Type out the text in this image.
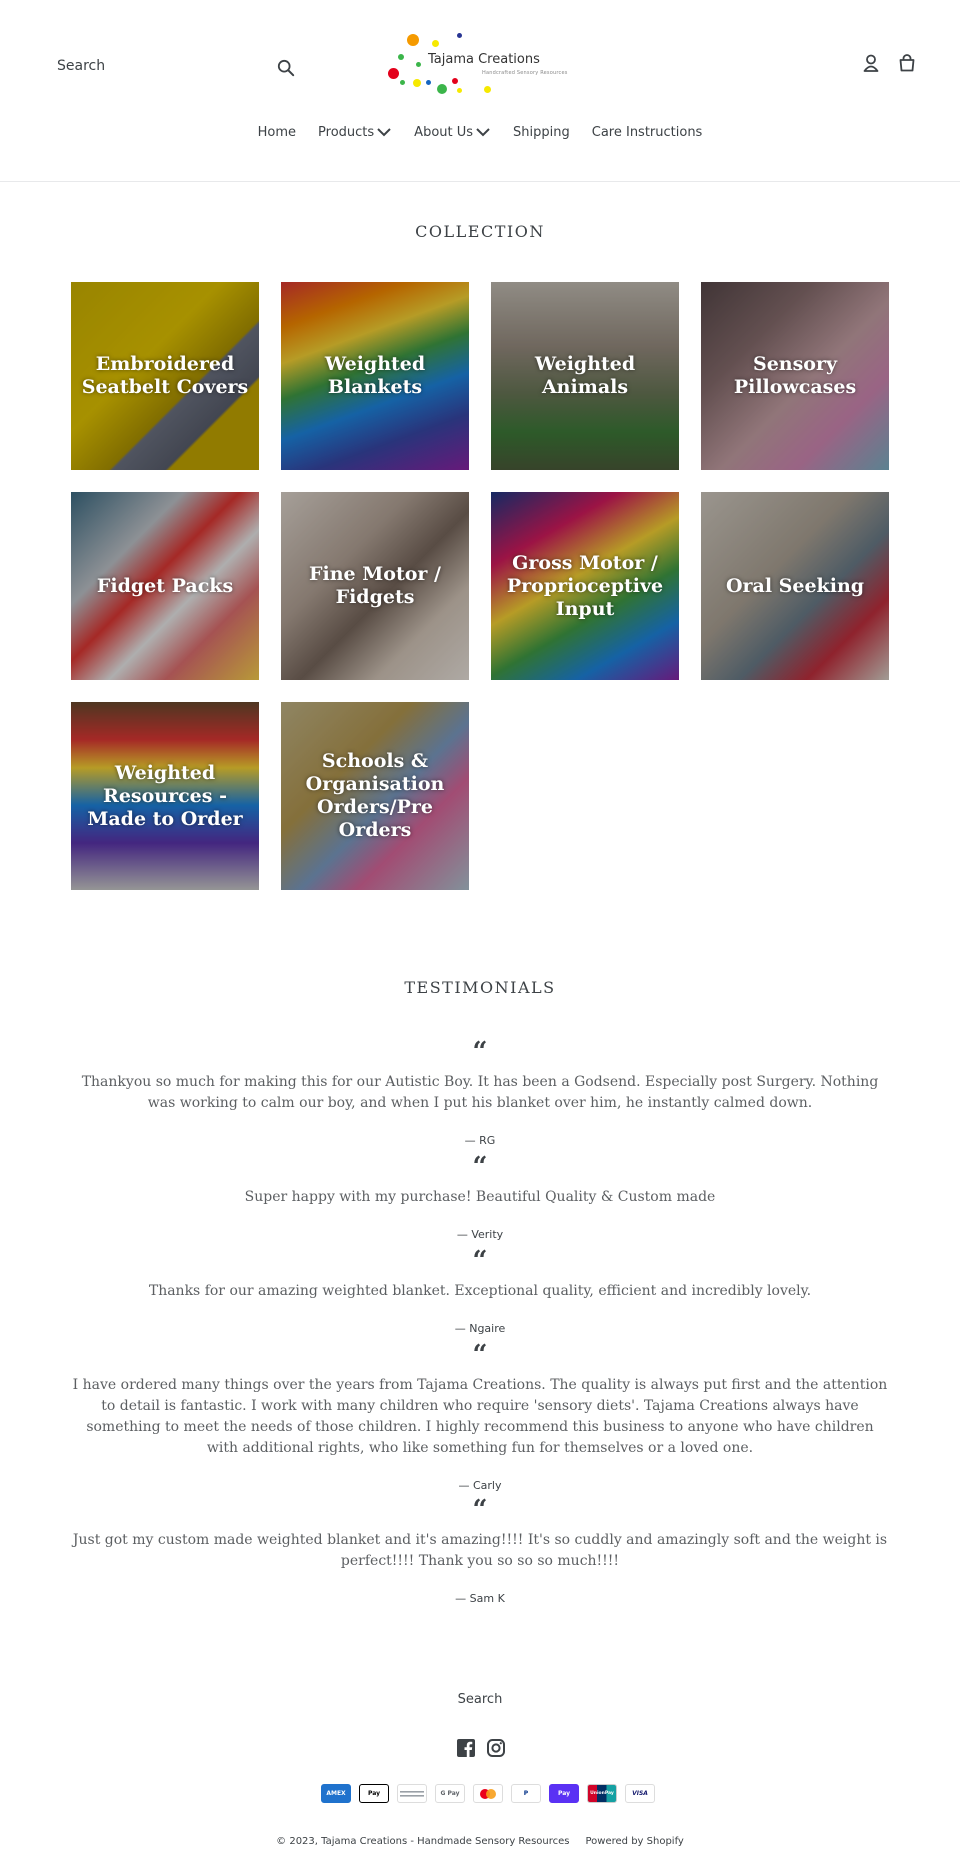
Search
Tajama Creations
Handcrafted Sensory Resources
Home Products	About Us	Shipping Care Instructions
COLLECTION
Embroidered Seatbelt Covers
Weighted Blankets
Weighted Animals
Sensory Pillowcases
Fidget Packs
Fine Motor / Fidgets
Gross Motor / Proprioceptive Input
Oral Seeking
Weighted Resources - Made to Order
Schools & Organisation Orders/Pre Orders
TESTIMONIALS
“
Thankyou so much for making this for our Autistic Boy. It has been a Godsend. Especially post Surgery. Nothing was working to calm our boy, and when I put his blanket over him, he instantly calmed down.
— RG
“
Super happy with my purchase! Beautiful Quality & Custom made
— Verity
“
Thanks for our amazing weighted blanket. Exceptional quality, efficient and incredibly lovely.
— Ngaire
“
I have ordered many things over the years from Tajama Creations. The quality is always put first and the attention to detail is fantastic. I work with many children who require 'sensory diets'. Tajama Creations always have something to meet the needs of those children. I highly recommend this business to anyone who have children with additional rights, who like something fun for themselves or a loved one.
— Carly
“
Just got my custom made weighted blanket and it's amazing!!!! It's so cuddly and amazingly soft and the weight is perfect!!!! Thank you so so so much!!!!
— Sam K
Search
AMEX	Pay	G Pay	P	Pay	UnionPay	VISA
© 2023, Tajama Creations - Handmade Sensory Resources Powered by Shopify
